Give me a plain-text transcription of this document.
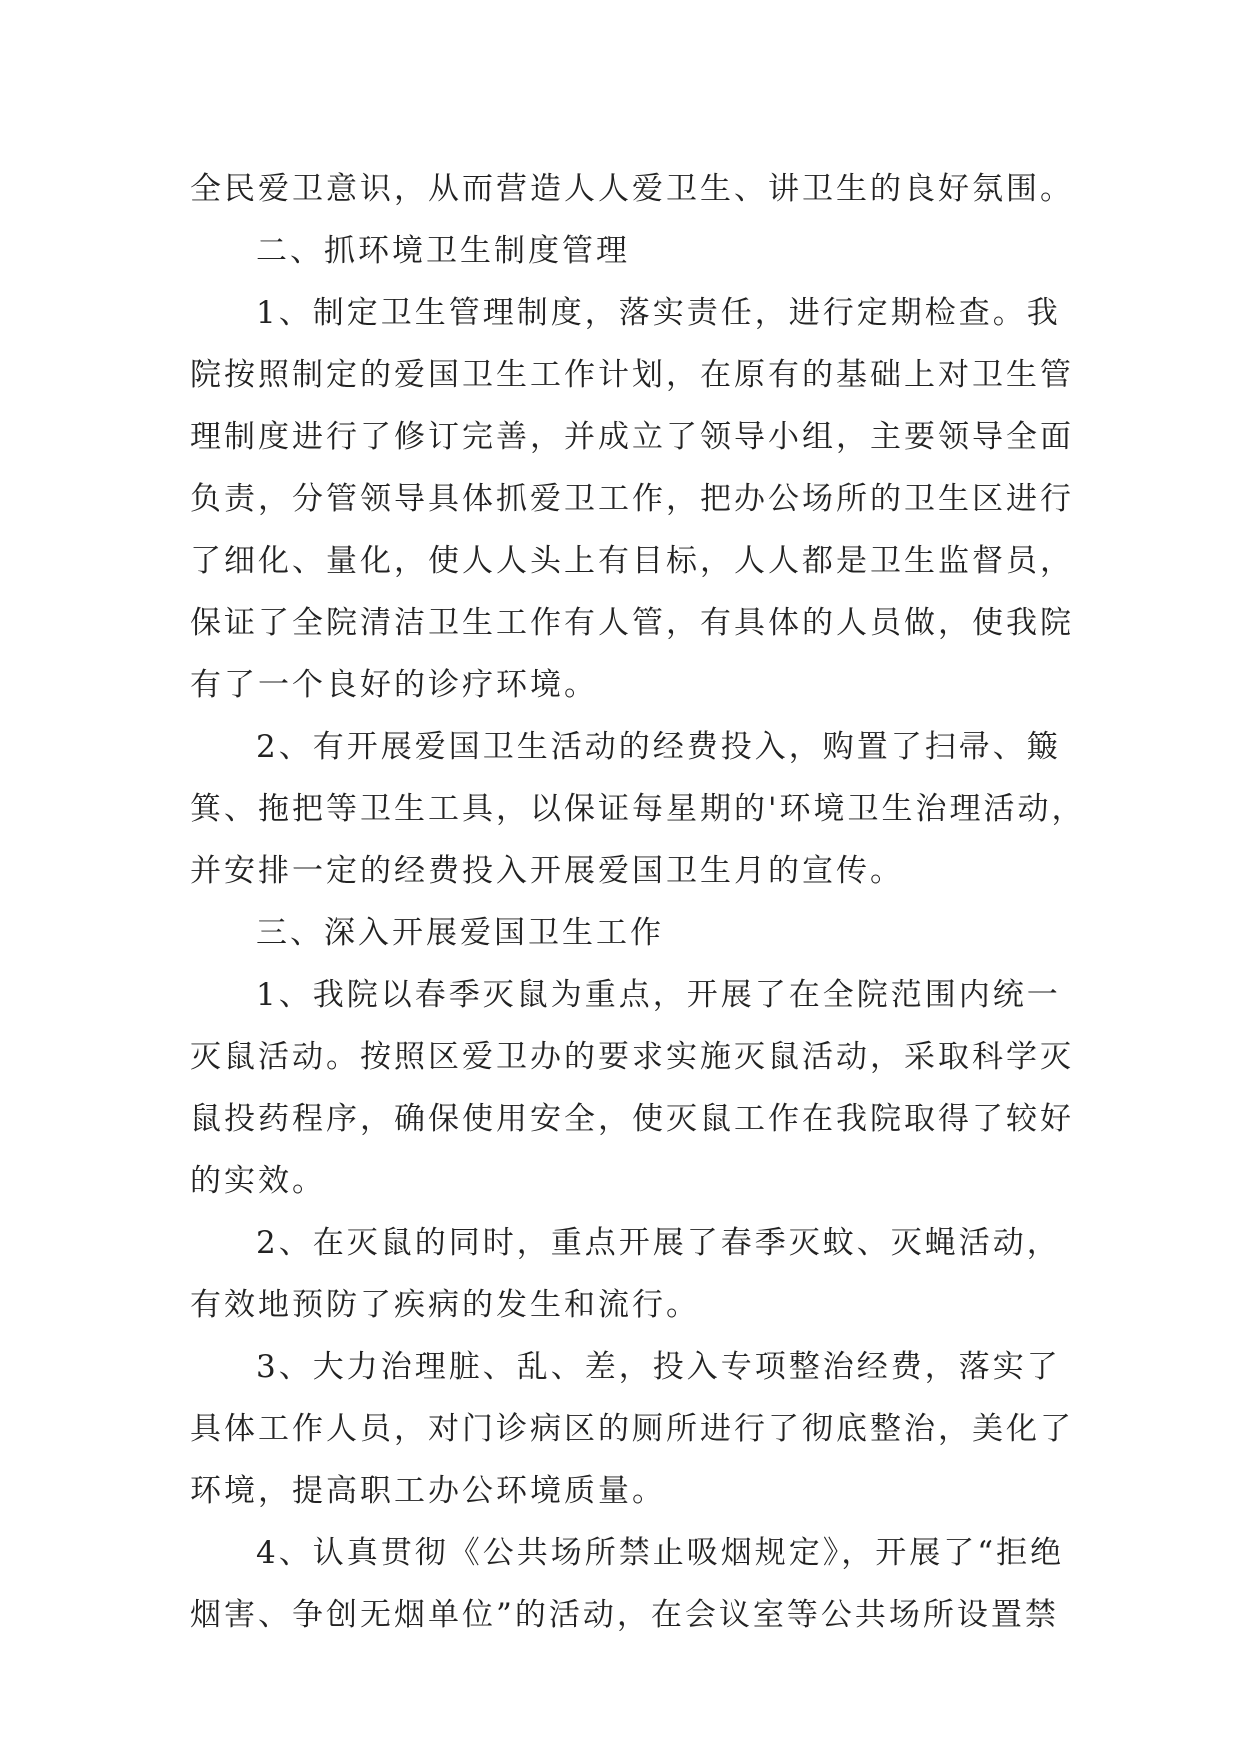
全民爱卫意识，从而营造人人爱卫生、讲卫生的良好氛围。
二、抓环境卫生制度管理
1、制定卫生管理制度，落实责任，进行定期检查。我
院按照制定的爱国卫生工作计划，在原有的基础上对卫生管
理制度进行了修订完善，并成立了领导小组，主要领导全面
负责，分管领导具体抓爱卫工作，把办公场所的卫生区进行
了细化、量化，使人人头上有目标，人人都是卫生监督员，
保证了全院清洁卫生工作有人管，有具体的人员做，使我院
有了一个良好的诊疗环境。
2、有开展爱国卫生活动的经费投入，购置了扫帚、簸
箕、拖把等卫生工具，以保证每星期的'环境卫生治理活动，
并安排一定的经费投入开展爱国卫生月的宣传。
三、深入开展爱国卫生工作
1、我院以春季灭鼠为重点，开展了在全院范围内统一
灭鼠活动。按照区爱卫办的要求实施灭鼠活动，采取科学灭
鼠投药程序，确保使用安全，使灭鼠工作在我院取得了较好
的实效。
2、在灭鼠的同时，重点开展了春季灭蚊、灭蝇活动，
有效地预防了疾病的发生和流行。
3、大力治理脏、乱、差，投入专项整治经费，落实了
具体工作人员，对门诊病区的厕所进行了彻底整治，美化了
环境，提高职工办公环境质量。
4、认真贯彻《公共场所禁止吸烟规定》，开展了“拒绝
烟害、争创无烟单位”的活动，在会议室等公共场所设置禁
